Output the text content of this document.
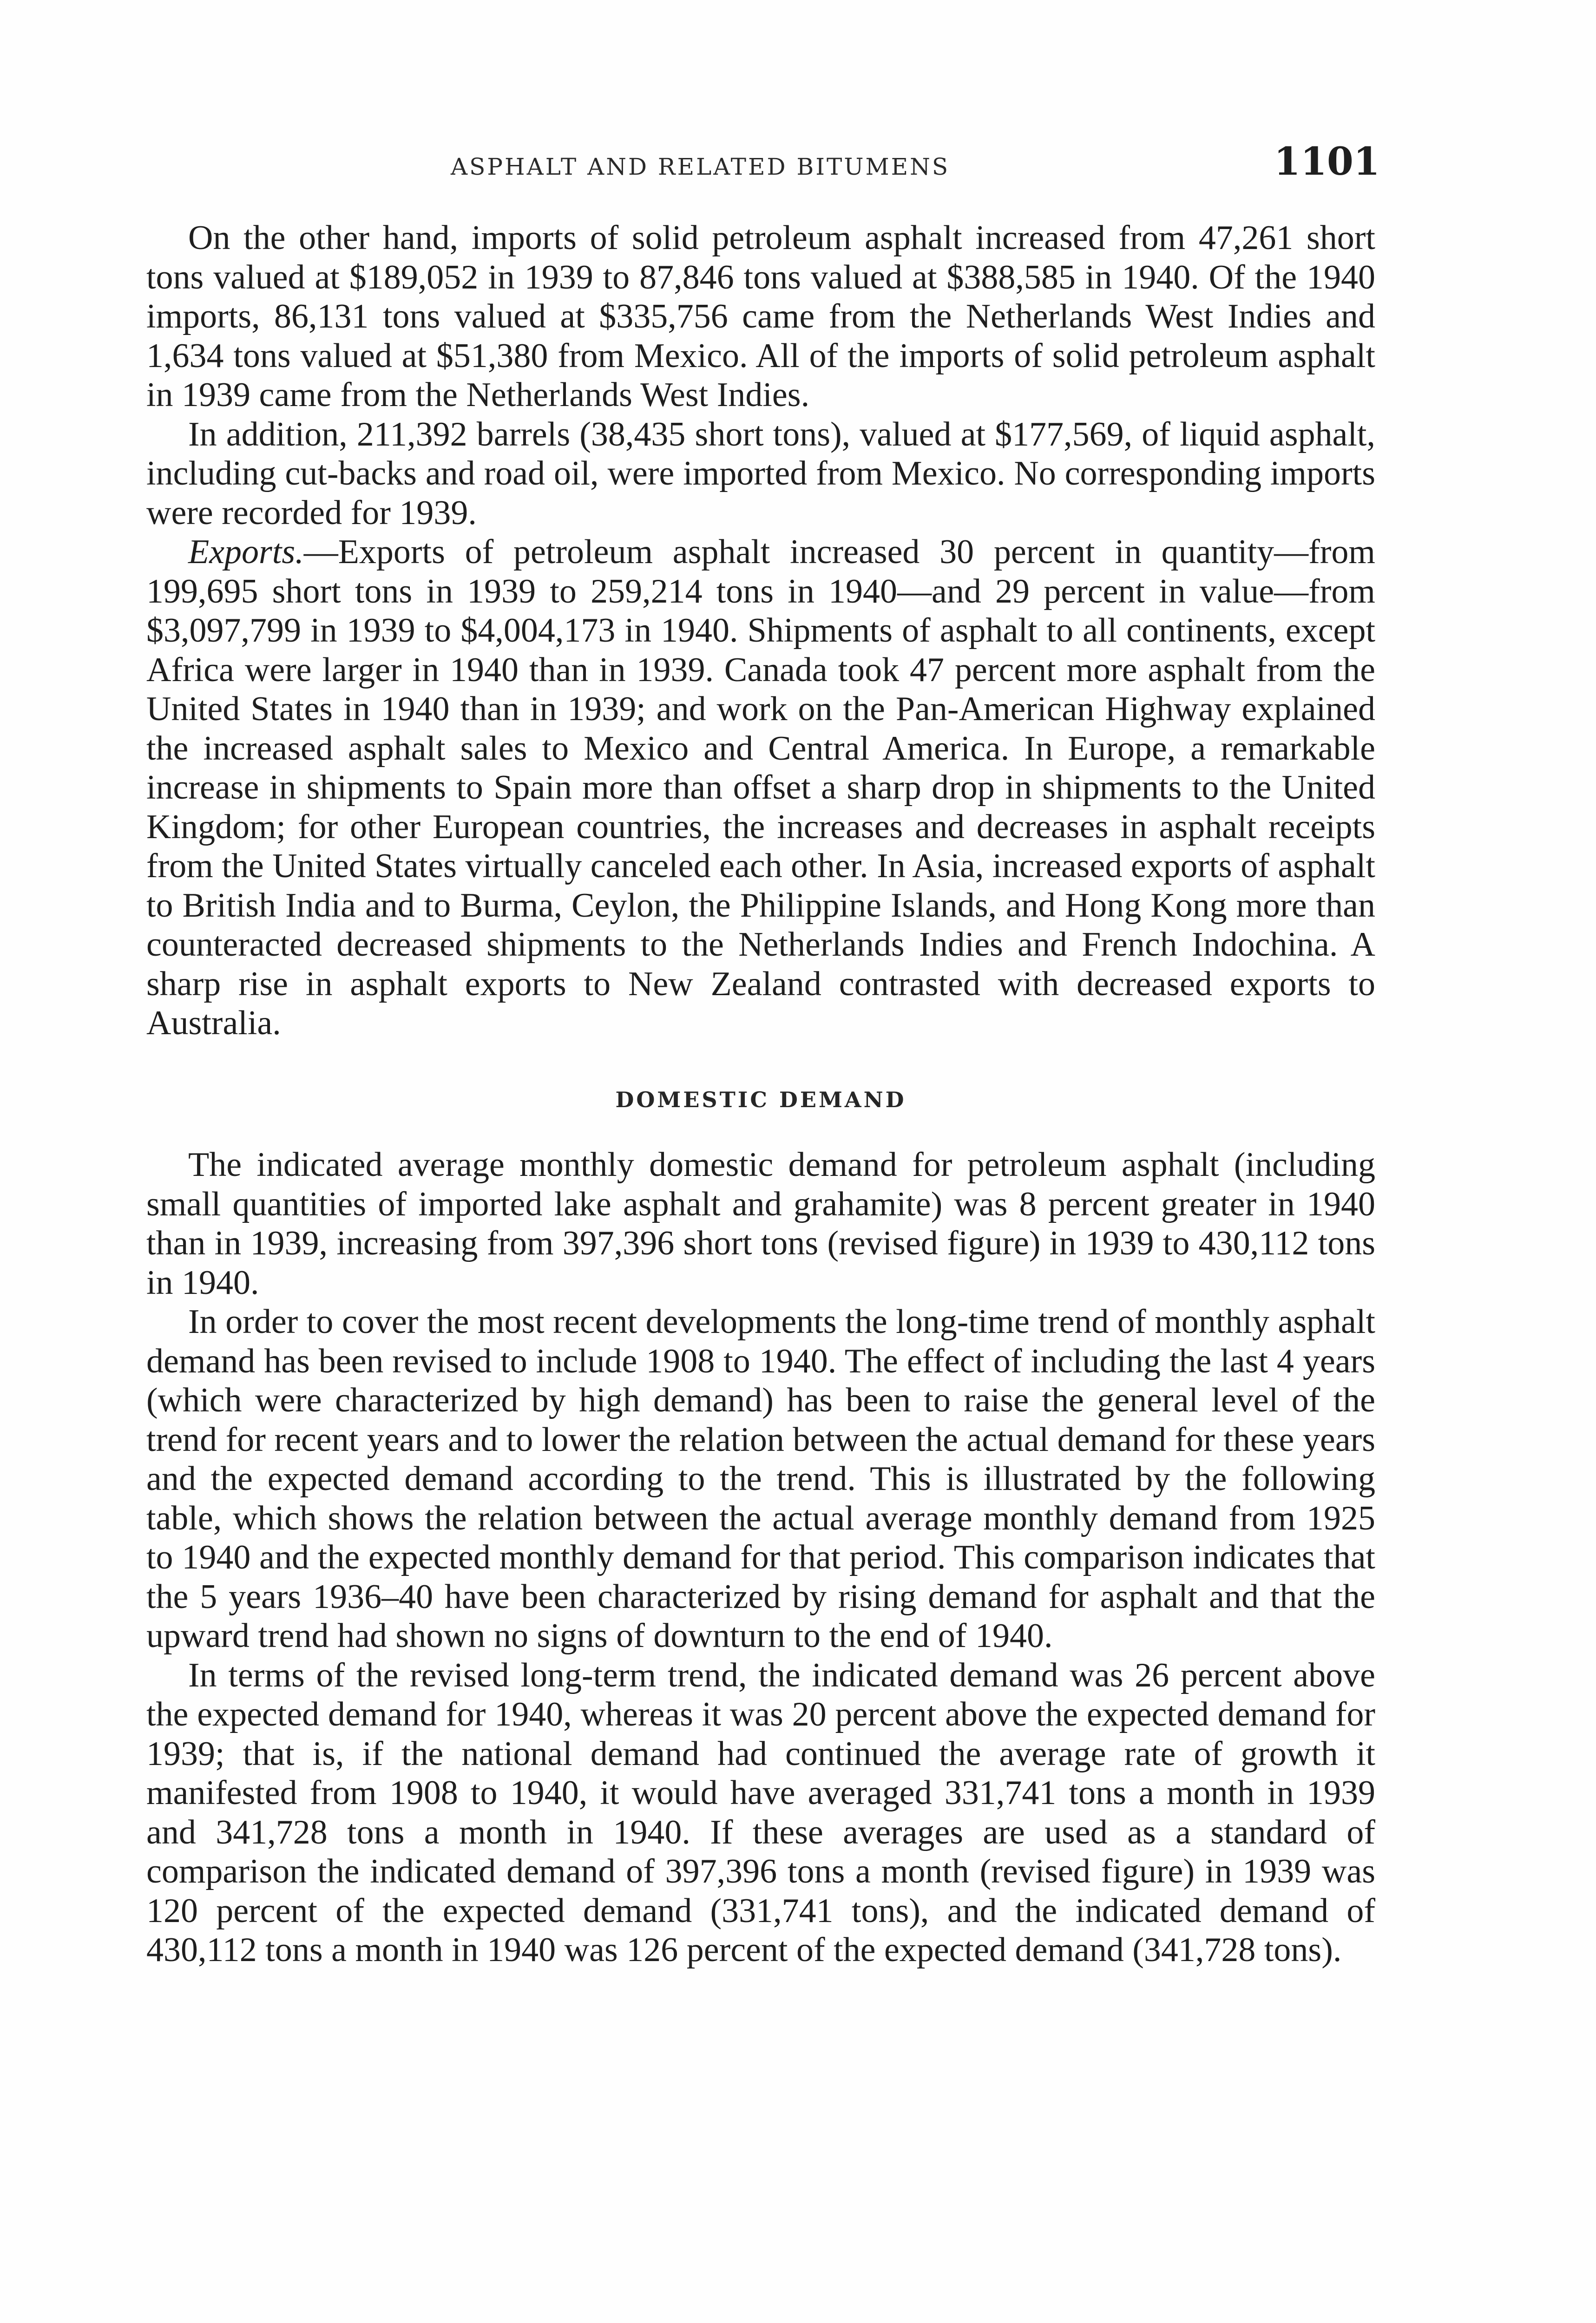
ASPHALT AND RELATED BITUMENS	1101

On the other hand, imports of solid petroleum asphalt increased from 47,261 short tons valued at $189,052 in 1939 to 87,846 tons valued at $388,585 in 1940. Of the 1940 imports, 86,131 tons valued at $335,756 came from the Netherlands West Indies and 1,634 tons valued at $51,380 from Mexico. All of the imports of solid petroleum asphalt in 1939 came from the Netherlands West Indies.

In addition, 211,392 barrels (38,435 short tons), valued at $177,569, of liquid asphalt, including cut-backs and road oil, were imported from Mexico. No corresponding imports were recorded for 1939.

Exports.—Exports of petroleum asphalt increased 30 percent in quantity—from 199,695 short tons in 1939 to 259,214 tons in 1940—and 29 percent in value—from $3,097,799 in 1939 to $4,004,173 in 1940. Shipments of asphalt to all continents, except Africa were larger in 1940 than in 1939. Canada took 47 percent more asphalt from the United States in 1940 than in 1939; and work on the Pan-American Highway explained the increased asphalt sales to Mexico and Central America. In Europe, a remarkable increase in shipments to Spain more than offset a sharp drop in shipments to the United Kingdom; for other European countries, the increases and decreases in asphalt receipts from the United States virtually canceled each other. In Asia, increased exports of asphalt to British India and to Burma, Ceylon, the Philippine Islands, and Hong Kong more than counteracted decreased shipments to the Netherlands Indies and French Indochina. A sharp rise in asphalt exports to New Zealand contrasted with decreased exports to Australia.

DOMESTIC DEMAND

The indicated average monthly domestic demand for petroleum asphalt (including small quantities of imported lake asphalt and grahamite) was 8 percent greater in 1940 than in 1939, increasing from 397,396 short tons (revised figure) in 1939 to 430,112 tons in 1940.

In order to cover the most recent developments the long-time trend of monthly asphalt demand has been revised to include 1908 to 1940. The effect of including the last 4 years (which were characterized by high demand) has been to raise the general level of the trend for recent years and to lower the relation between the actual demand for these years and the expected demand according to the trend. This is illustrated by the following table, which shows the relation between the actual average monthly demand from 1925 to 1940 and the expected monthly demand for that period. This comparison indicates that the 5 years 1936–40 have been characterized by rising demand for asphalt and that the upward trend had shown no signs of downturn to the end of 1940.

In terms of the revised long-term trend, the indicated demand was 26 percent above the expected demand for 1940, whereas it was 20 percent above the expected demand for 1939; that is, if the national demand had continued the average rate of growth it manifested from 1908 to 1940, it would have averaged 331,741 tons a month in 1939 and 341,728 tons a month in 1940. If these averages are used as a standard of comparison the indicated demand of 397,396 tons a month (revised figure) in 1939 was 120 percent of the expected demand (331,741 tons), and the indicated demand of 430,112 tons a month in 1940 was 126 percent of the expected demand (341,728 tons).
